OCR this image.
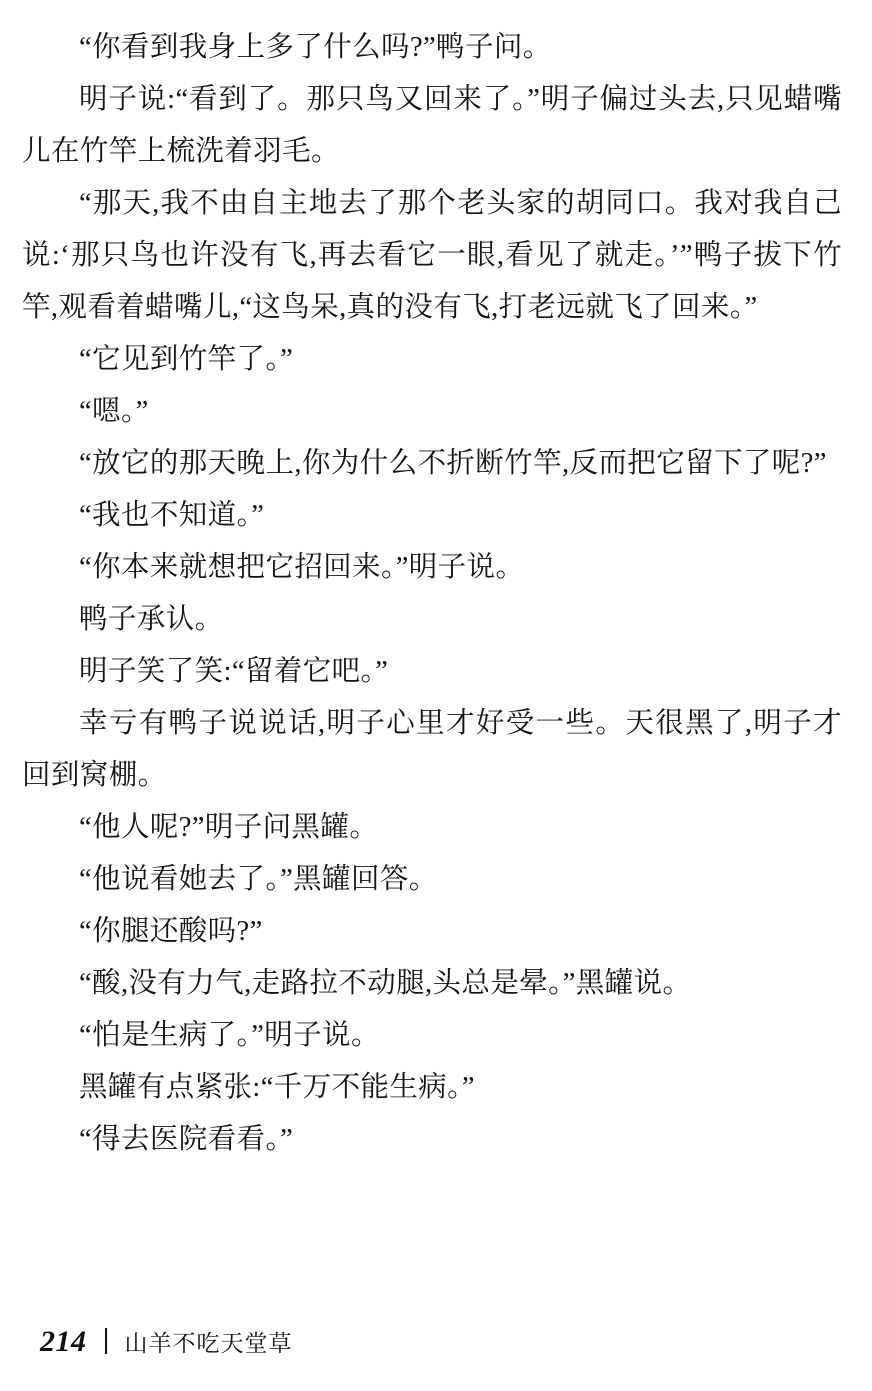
“你看到我身上多了什么吗?”鸭子问。

明子说:“看到了。那只鸟又回来了。”明子偏过头去,只见蜡嘴儿在竹竿上梳洗着羽毛。

“那天,我不由自主地去了那个老头家的胡同口。我对我自己说:‘那只鸟也许没有飞,再去看它一眼,看见了就走。’”鸭子拔下竹竿,观看着蜡嘴儿,“这鸟呆,真的没有飞,打老远就飞了回来。”

“它见到竹竿了。”

“嗯。”

“放它的那天晚上,你为什么不折断竹竿,反而把它留下了呢?”

“我也不知道。”

“你本来就想把它招回来。”明子说。

鸭子承认。

明子笑了笑:“留着它吧。”

幸亏有鸭子说说话,明子心里才好受一些。天很黑了,明子才回到窝棚。

“他人呢?”明子问黑罐。

“他说看她去了。”黑罐回答。

“你腿还酸吗?”

“酸,没有力气,走路拉不动腿,头总是晕。”黑罐说。

“怕是生病了。”明子说。

黑罐有点紧张:“千万不能生病。”

“得去医院看看。”

214 山羊不吃天堂草
